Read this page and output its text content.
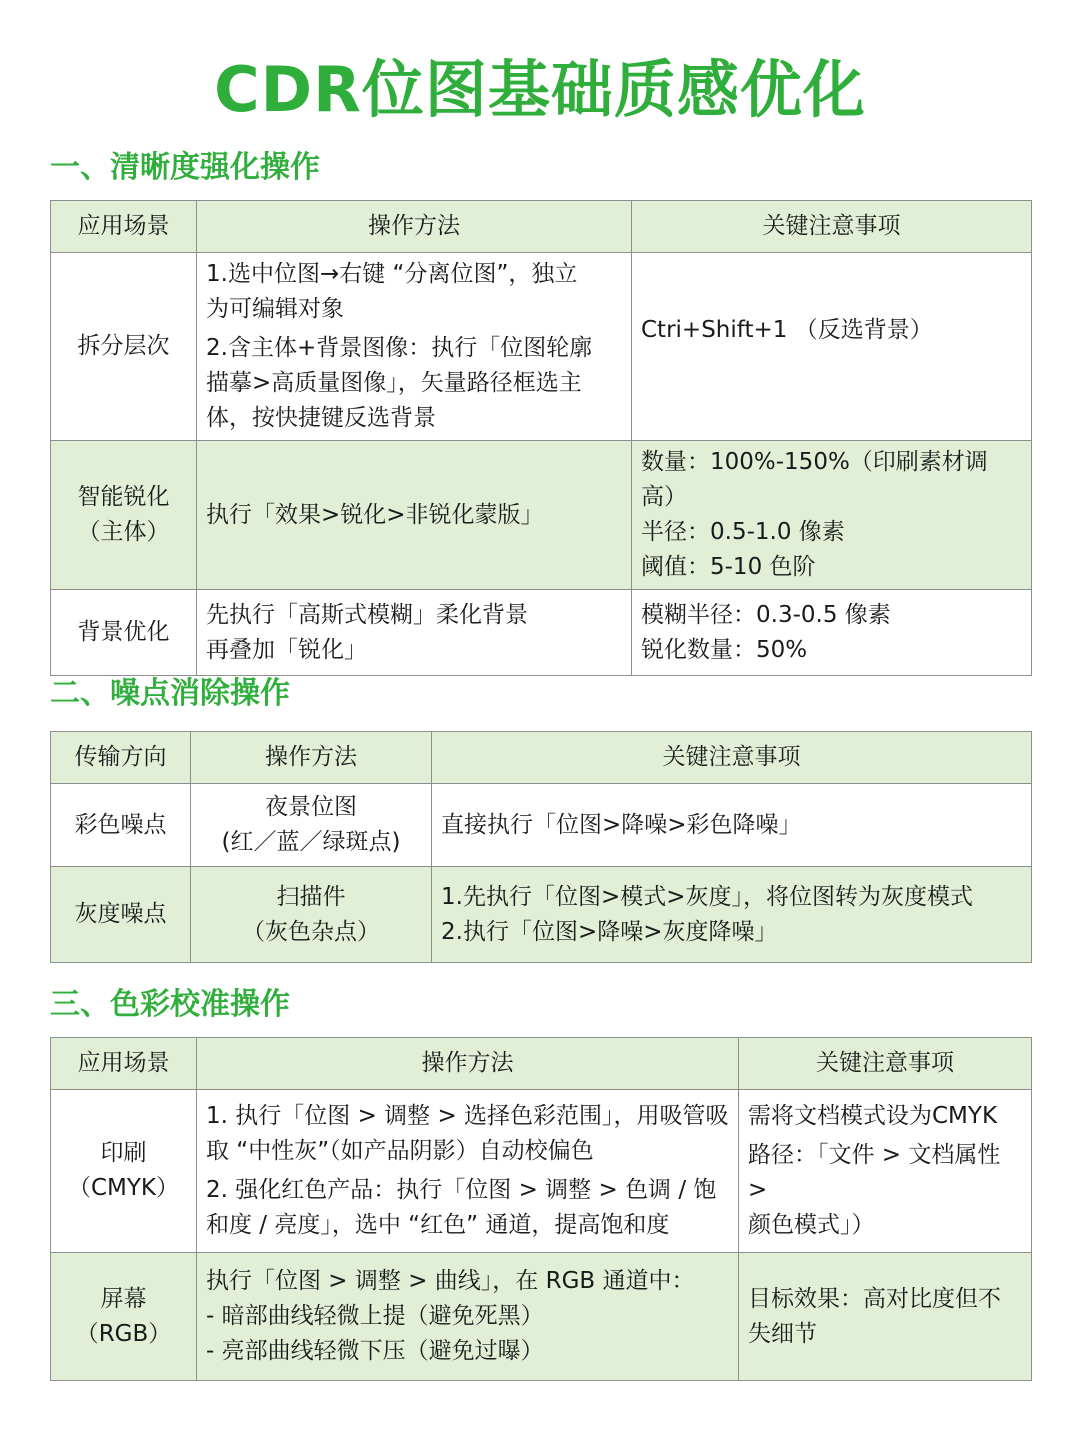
CDR位图基础质感优化
一、清晰度强化操作
应用场景	操作方法	关键注意事项

拆分层次	1.选中位图→右键 “分离位图”，独立
为可编辑对象
2.含主体+背景图像：执行「位图轮廓
描摹>高质量图像」，矢量路径框选主
体，按快捷键反选背景	Ctri+Shift+1 （反选背景）

智能锐化
（主体）	执行「效果>锐化>非锐化蒙版」	数量：100%-150%（印刷素材调高）
半径：0.5-1.0 像素
阈值：5-10 色阶

背景优化	先执行「高斯式模糊」柔化背景
再叠加「锐化」	模糊半径：0.3-0.5 像素
锐化数量：50%
二、噪点消除操作
传输方向	操作方法	关键注意事项

彩色噪点	夜景位图
(红／蓝／绿斑点)	直接执行「位图>降噪>彩色降噪」

灰度噪点	扫描件
（灰色杂点）	1.先执行「位图>模式>灰度」，将位图转为灰度模式
2.执行「位图>降噪>灰度降噪」
三、色彩校准操作
应用场景	操作方法	关键注意事项

印刷
（CMYK）	1. 执行「位图 > 调整 > 选择色彩范围」，用吸管吸
取 “中性灰”（如产品阴影）自动校偏色
2. 强化红色产品：执行「位图 > 调整 > 色调 / 饱
和度 / 亮度」，选中 “红色” 通道，提高饱和度	需将文档模式设为CMYK
路径：「文件 > 文档属性 >
颜色模式」）

屏幕
（RGB）	执行「位图 > 调整 > 曲线」，在 RGB 通道中：
- 暗部曲线轻微上提（避免死黑）
- 亮部曲线轻微下压（避免过曝）	目标效果：高对比度但不
失细节
